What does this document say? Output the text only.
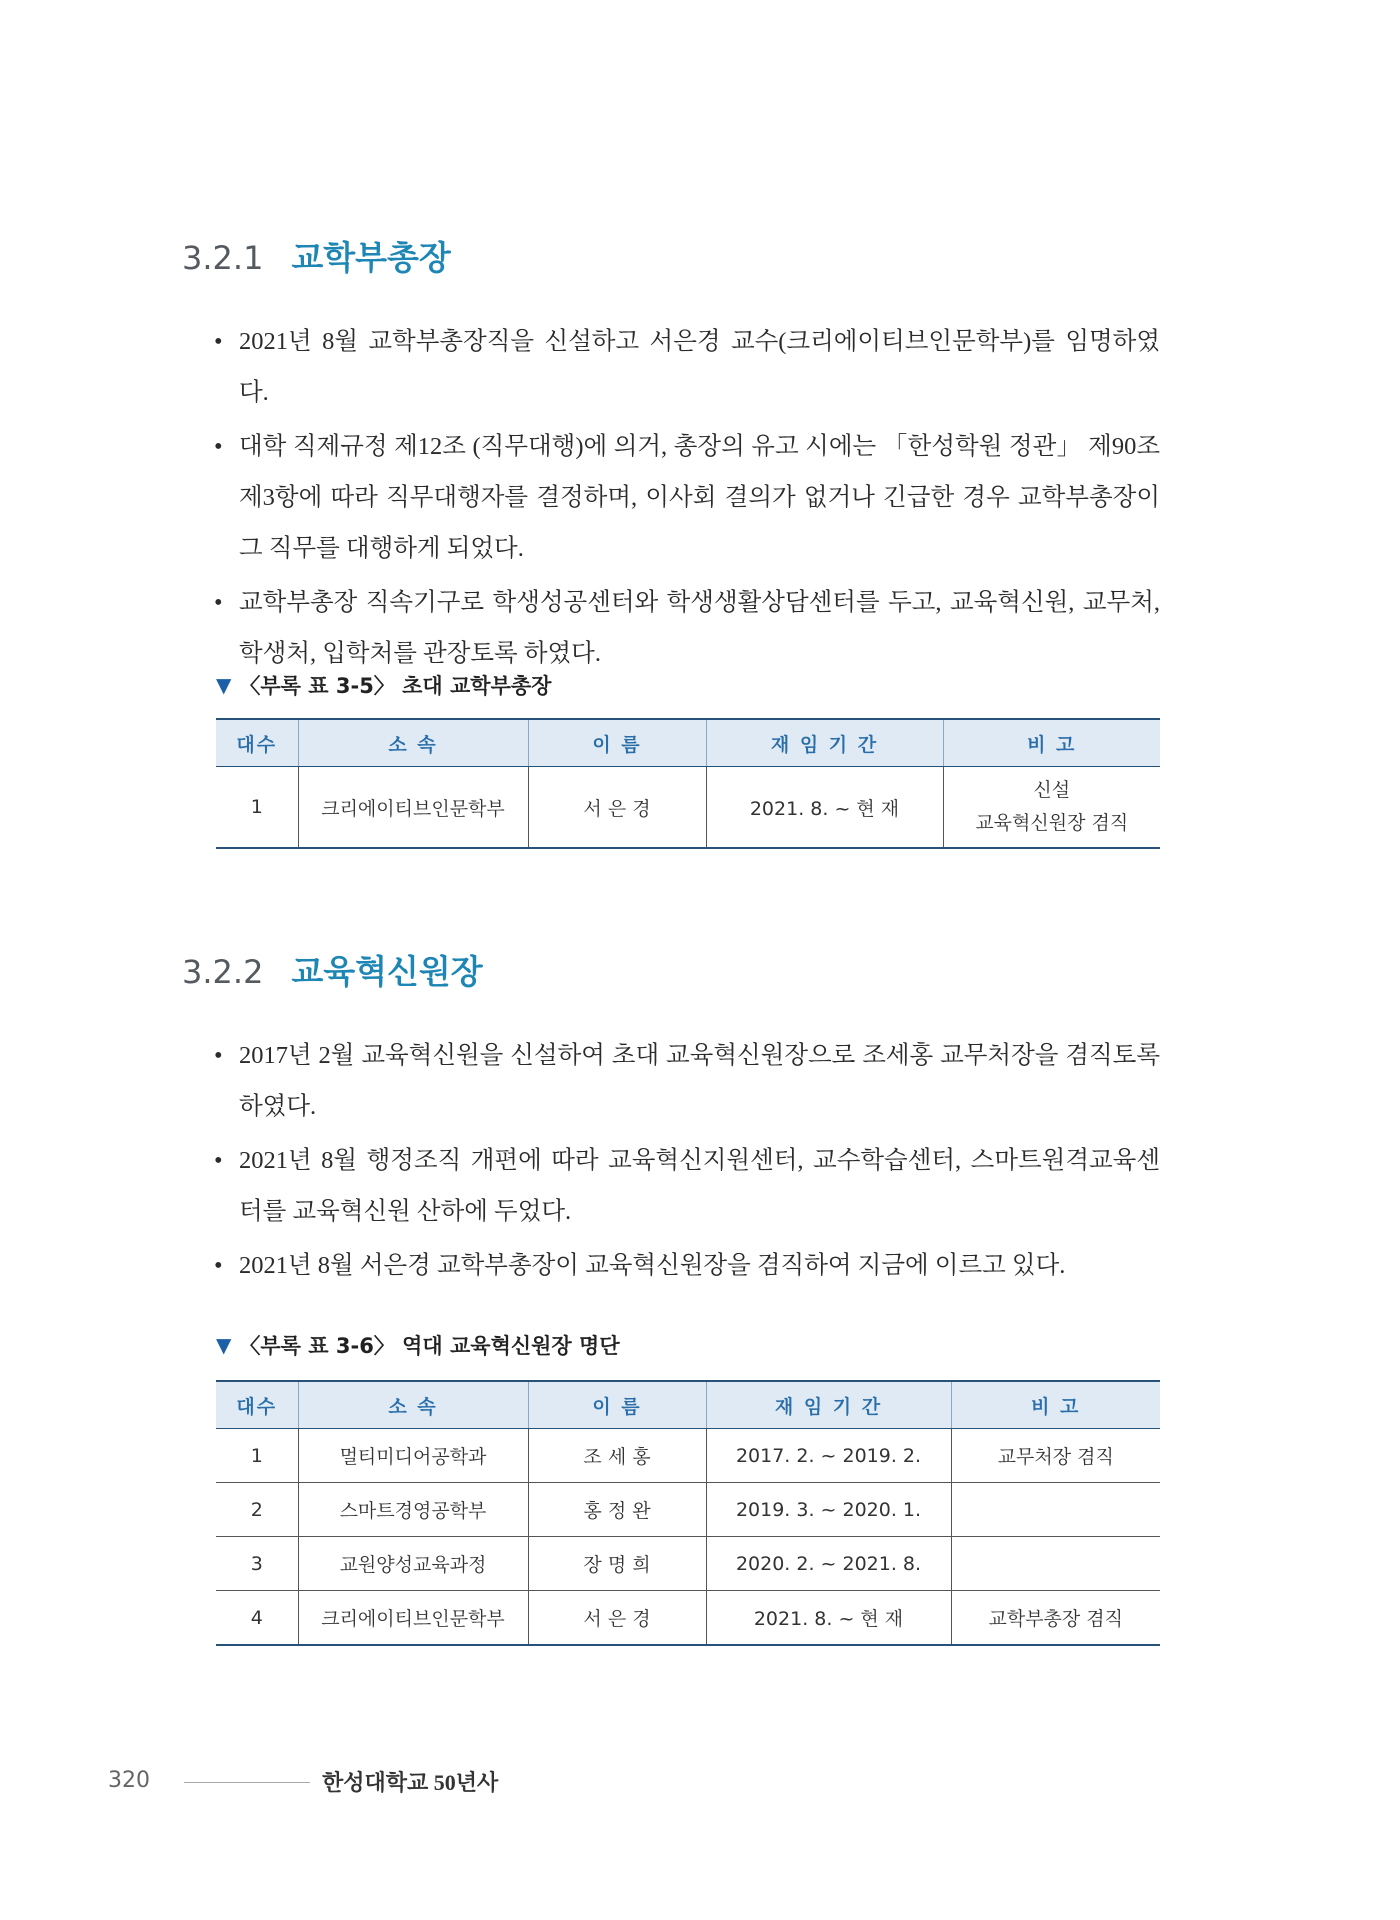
3.2.1 교학부총장
• 2021년 8월 교학부총장직을 신설하고 서은경 교수(크리에이티브인문학부)를 임명하였다.
• 대학 직제규정 제12조 (직무대행)에 의거, 총장의 유고 시에는 「한성학원 정관」 제90조 제3항에 따라 직무대행자를 결정하며, 이사회 결의가 없거나 긴급한 경우 교학부총장이 그 직무를 대행하게 되었다.
• 교학부총장 직속기구로 학생성공센터와 학생생활상담센터를 두고, 교육혁신원, 교무처, 학생처, 입학처를 관장토록 하였다.
▼ 〈부록 표 3-5〉 초대 교학부총장
대수	소 속	이 름	재 임 기 간	비 고
1	크리에이티브인문학부	서 은 경	2021. 8. ~ 현 재	신설
교육혁신원장 겸직
3.2.2 교육혁신원장
• 2017년 2월 교육혁신원을 신설하여 초대 교육혁신원장으로 조세홍 교무처장을 겸직토록 하였다.
• 2021년 8월 행정조직 개편에 따라 교육혁신지원센터, 교수학습센터, 스마트원격교육센터를 교육혁신원 산하에 두었다.
• 2021년 8월 서은경 교학부총장이 교육혁신원장을 겸직하여 지금에 이르고 있다.
▼ 〈부록 표 3-6〉 역대 교육혁신원장 명단
대수	소 속	이 름	재 임 기 간	비 고
1	멀티미디어공학과	조 세 홍	2017. 2. ~ 2019. 2.	교무처장 겸직
2	스마트경영공학부	홍 정 완	2019. 3. ~ 2020. 1.	
3	교원양성교육과정	장 명 희	2020. 2. ~ 2021. 8.	
4	크리에이티브인문학부	서 은 경	2021. 8. ~ 현 재	교학부총장 겸직
320	한성대학교 50년사
